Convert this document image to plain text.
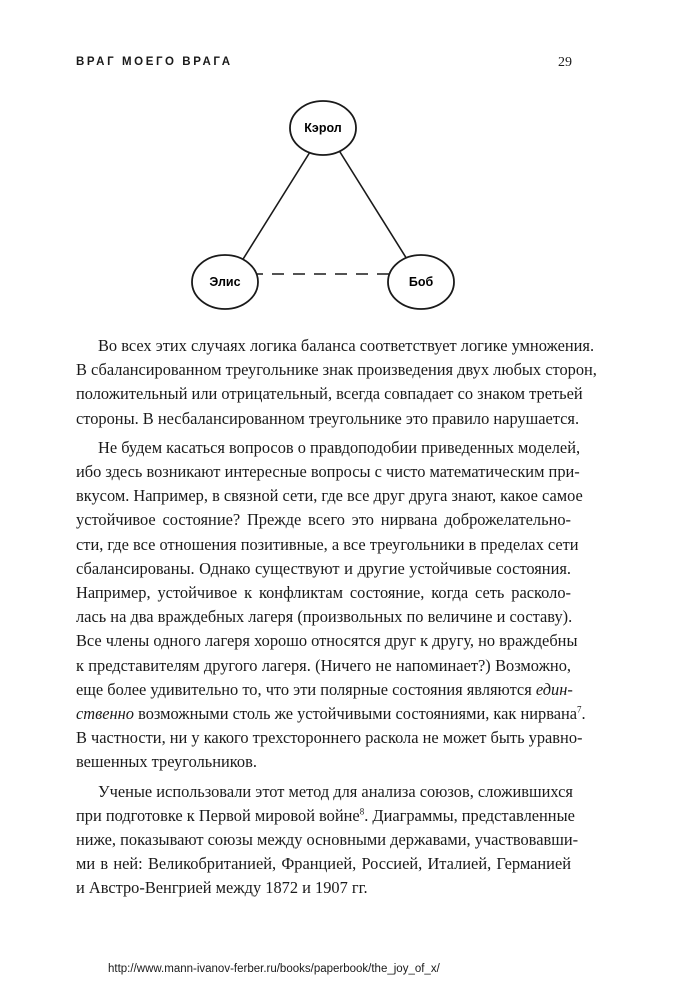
ВРАГ МОЕГО ВРАГА	29
Кэрол
Элис	Боб
Во всех этих случаях логика баланса соответствует логике умножения.
В сбалансированном треугольнике знак произведения двух любых сторон,
положительный или отрицательный, всегда совпадает со знаком третьей
стороны. В несбалансированном треугольнике это правило нарушается.
Не будем касаться вопросов о правдоподобии приведенных моделей,
ибо здесь возникают интересные вопросы с чисто математическим при-
вкусом. Например, в связной сети, где все друг друга знают, какое самое
устойчивое состояние? Прежде всего это нирвана доброжелательно-
сти, где все отношения позитивные, а все треугольники в пределах сети
сбалансированы. Однако существуют и другие устойчивые состояния.
Например, устойчивое к конфликтам состояние, когда сеть расколо-
лась на два враждебных лагеря (произвольных по величине и составу).
Все члены одного лагеря хорошо относятся друг к другу, но враждебны
к представителям другого лагеря. (Ничего не напоминает?) Возможно,
еще более удивительно то, что эти полярные состояния являются един-
ственно возможными столь же устойчивыми состояниями, как нирвана$^7$.
В частности, ни у какого трехстороннего раскола не может быть уравно-
вешенных треугольников.
Ученые использовали этот метод для анализа союзов, сложившихся
при подготовке к Первой мировой войне$^8$. Диаграммы, представленные
ниже, показывают союзы между основными державами, участвовавши-
ми в ней: Великобританией, Францией, Россией, Италией, Германией
и Австро-Венгрией между 1872 и 1907 гг.
http://www.mann-ivanov-ferber.ru/books/paperbook/the_joy_of_x/
